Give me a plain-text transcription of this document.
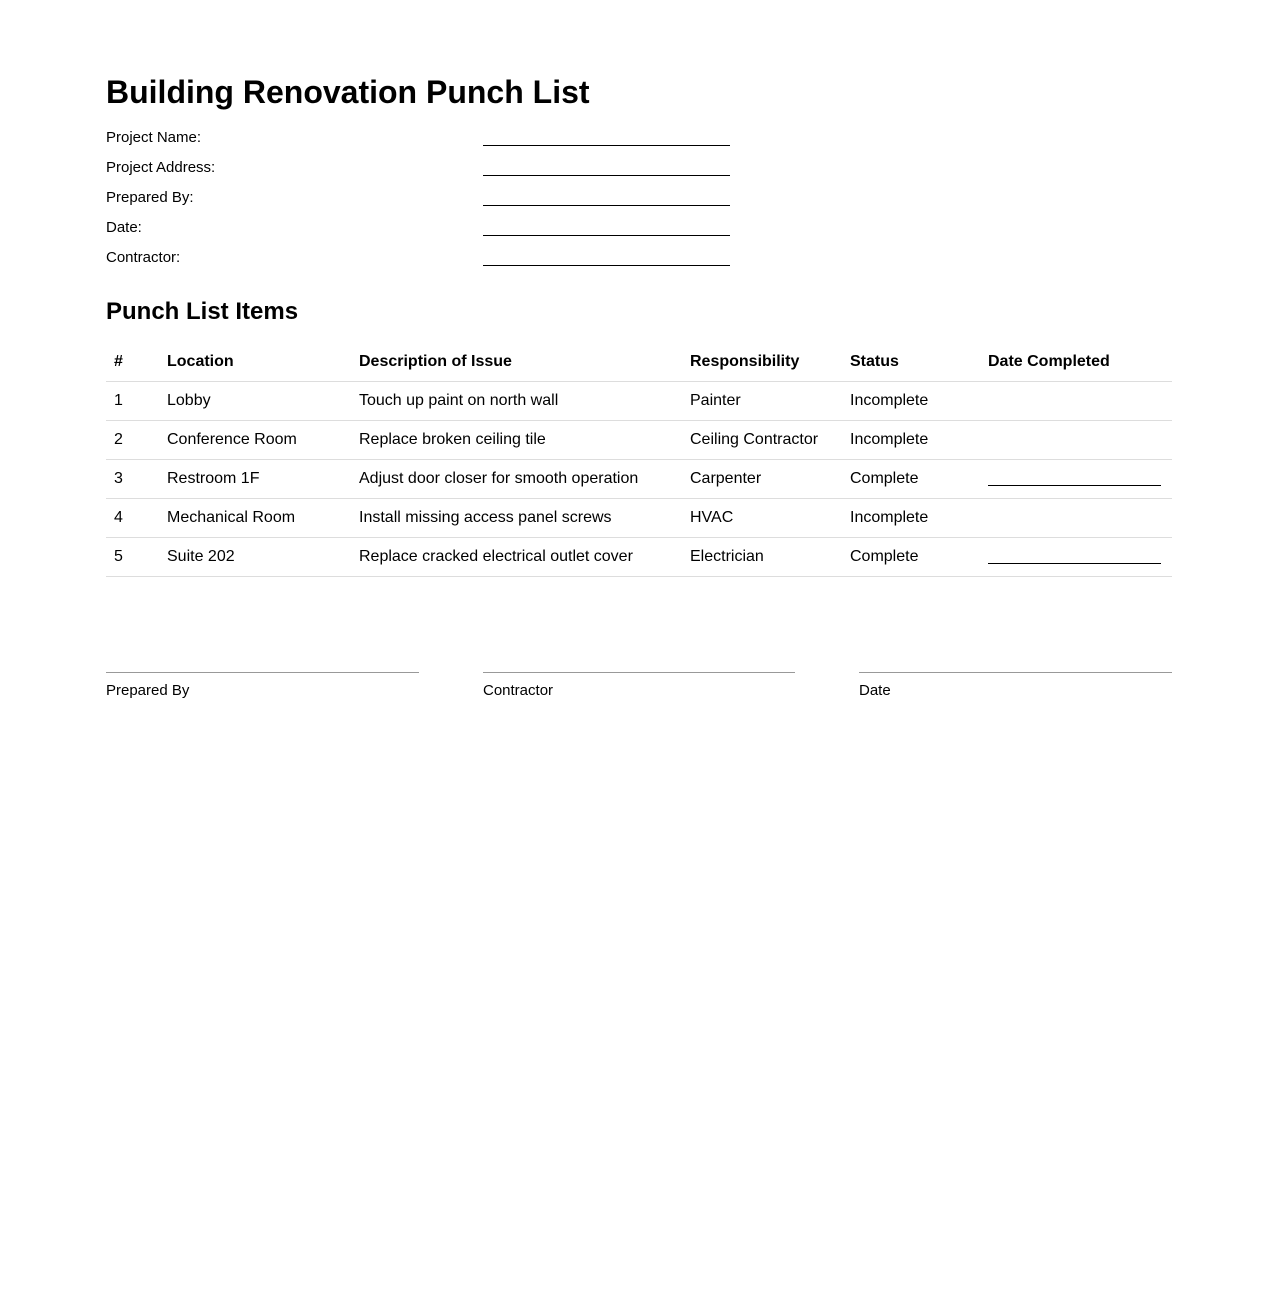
Building Renovation Punch List
Project Name:
Project Address:
Prepared By:
Date:
Contractor:
Punch List Items
#	Location	Description of Issue	Responsibility	Status	Date Completed
1	Lobby	Touch up paint on north wall	Painter	Incomplete	
2	Conference Room	Replace broken ceiling tile	Ceiling Contractor	Incomplete	
3	Restroom 1F	Adjust door closer for smooth operation	Carpenter	Complete	
4	Mechanical Room	Install missing access panel screws	HVAC	Incomplete	
5	Suite 202	Replace cracked electrical outlet cover	Electrician	Complete	
Prepared By	Contractor	Date
